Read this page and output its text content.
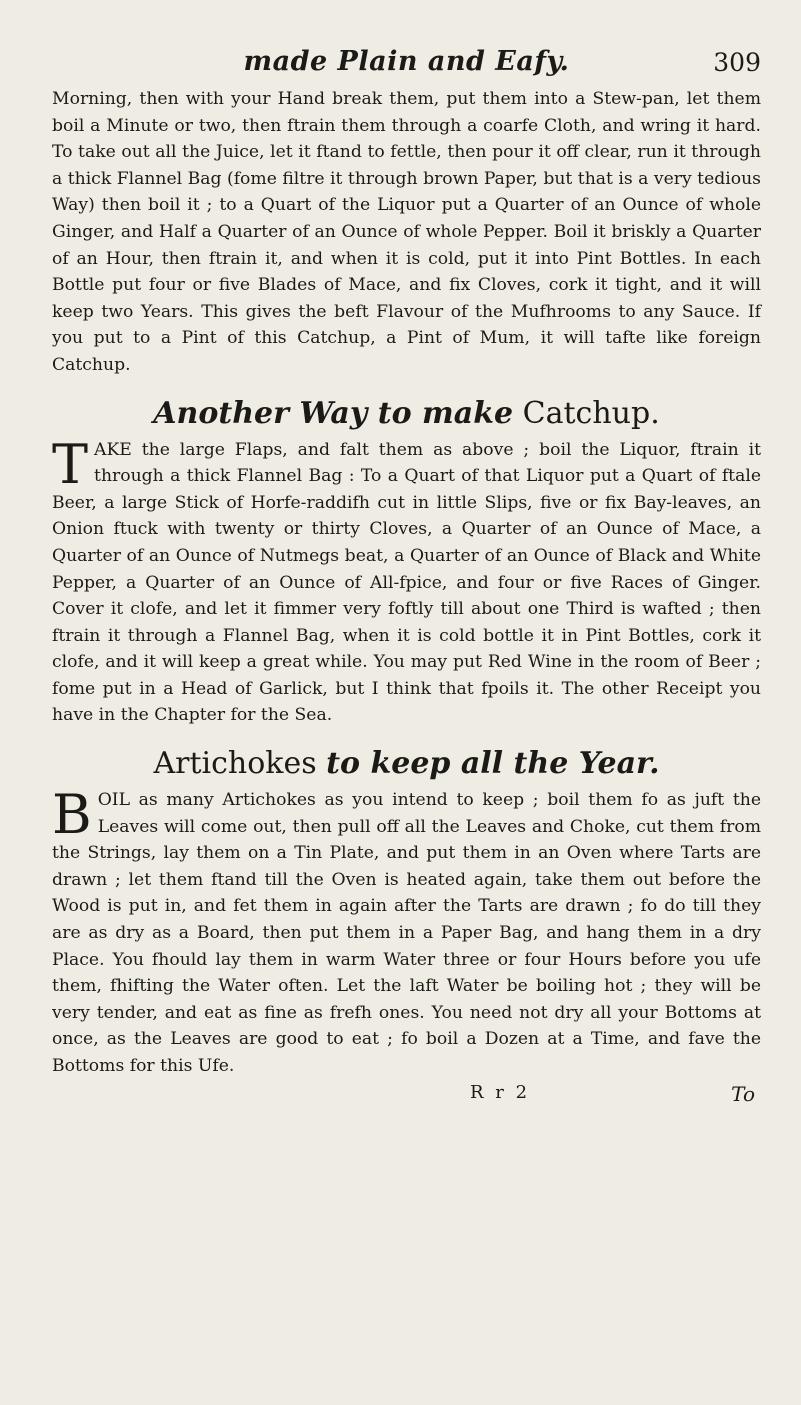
made Plain and Eafy.	309

Morning, then with your Hand break them, put them into a Stew-pan, let them boil a Minute or two, then ftrain them through a coarfe Cloth, and wring it hard. To take out all the Juice, let it ftand to fettle, then pour it off clear, run it through a thick Flannel Bag (fome filtre it through brown Paper, but that is a very tedious Way) then boil it ; to a Quart of the Liquor put a Quarter of an Ounce of whole Ginger, and Half a Quarter of an Ounce of whole Pepper. Boil it briskly a Quarter of an Hour, then ftrain it, and when it is cold, put it into Pint Bottles. In each Bottle put four or five Blades of Mace, and fix Cloves, cork it tight, and it will keep two Years. This gives the beft Flavour of the Mufhrooms to any Sauce. If you put to a Pint of this Catchup, a Pint of Mum, it will tafte like foreign Catchup.

Another Way to make Catchup.

TAKE the large Flaps, and falt them as above ; boil the Liquor, ftrain it through a thick Flannel Bag : To a Quart of that Liquor put a Quart of ftale Beer, a large Stick of Horfe-raddifh cut in little Slips, five or fix Bay-leaves, an Onion ftuck with twenty or thirty Cloves, a Quarter of an Ounce of Mace, a Quarter of an Ounce of Nutmegs beat, a Quarter of an Ounce of Black and White Pepper, a Quarter of an Ounce of All-fpice, and four or five Races of Ginger. Cover it clofe, and let it fimmer very foftly till about one Third is wafted ; then ftrain it through a Flannel Bag, when it is cold bottle it in Pint Bottles, cork it clofe, and it will keep a great while. You may put Red Wine in the room of Beer ; fome put in a Head of Garlick, but I think that fpoils it. The other Receipt you have in the Chapter for the Sea.

Artichokes to keep all the Year.

BOIL as many Artichokes as you intend to keep ; boil them fo as juft the Leaves will come out, then pull off all the Leaves and Choke, cut them from the Strings, lay them on a Tin Plate, and put them in an Oven where Tarts are drawn ; let them ftand till the Oven is heated again, take them out before the Wood is put in, and fet them in again after the Tarts are drawn ; fo do till they are as dry as a Board, then put them in a Paper Bag, and hang them in a dry Place. You fhould lay them in warm Water three or four Hours before you ufe them, fhifting the Water often. Let the laft Water be boiling hot ; they will be very tender, and eat as fine as frefh ones. You need not dry all your Bottoms at once, as the Leaves are good to eat ; fo boil a Dozen at a Time, and fave the Bottoms for this Ufe.

R r 2	To
